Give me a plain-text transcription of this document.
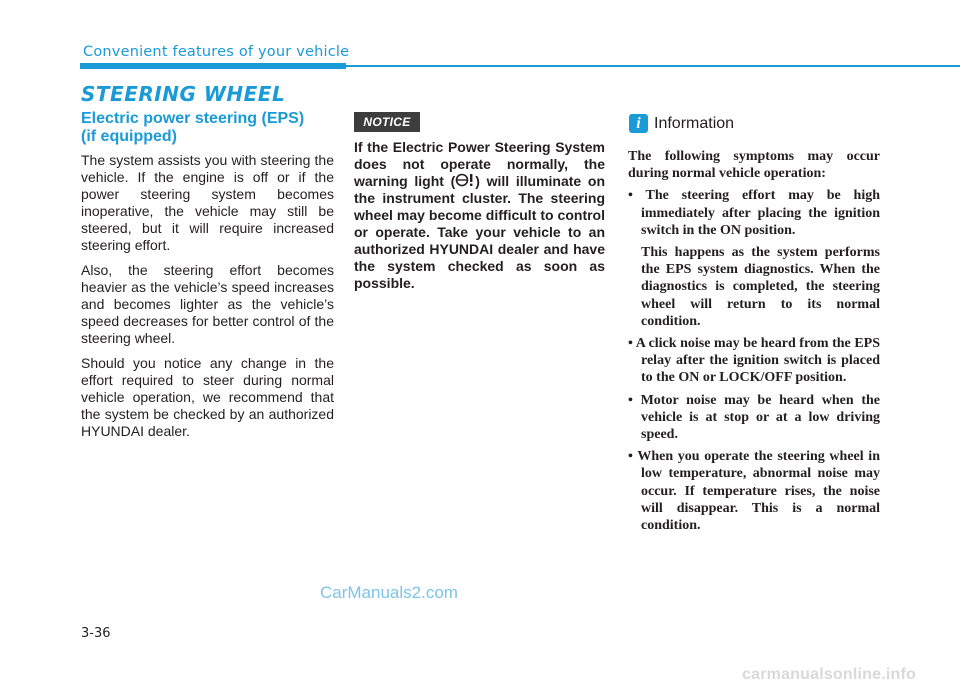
Convenient features of your vehicle
STEERING WHEEL
Electric power steering (EPS)
(if equipped)

The system assists you with steering the vehicle. If the engine is off or if the power steering system becomes inoperative, the vehicle may still be steered, but it will require increased steering effort.

Also, the steering effort becomes heavier as the vehicle’s speed increases and becomes lighter as the vehicle’s speed decreases for better control of the steering wheel.

Should you notice any change in the effort required to steer during normal vehicle operation, we recommend that the system be checked by an authorized HYUNDAI dealer.

NOTICE
If the Electric Power Steering System does not operate normally, the warning light ( ) will illuminate on the instrument cluster. The steering wheel may become difficult to control or operate. Take your vehicle to an authorized HYUNDAI dealer and have the system checked as soon as possible.
i Information

The following symptoms may occur during normal vehicle operation:

• The steering effort may be high immediately after placing the ignition switch in the ON position.

This happens as the system performs the EPS system diagnostics. When the diagnostics is completed, the steering wheel will return to its normal condition.

• A click noise may be heard from the EPS relay after the ignition switch is placed to the ON or LOCK/OFF position.

• Motor noise may be heard when the vehicle is at stop or at a low driving speed.

• When you operate the steering wheel in low temperature, abnormal noise may occur. If temperature rises, the noise will disappear. This is a normal condition.

CarManuals2.com
3-36
carmanualsonline.info
